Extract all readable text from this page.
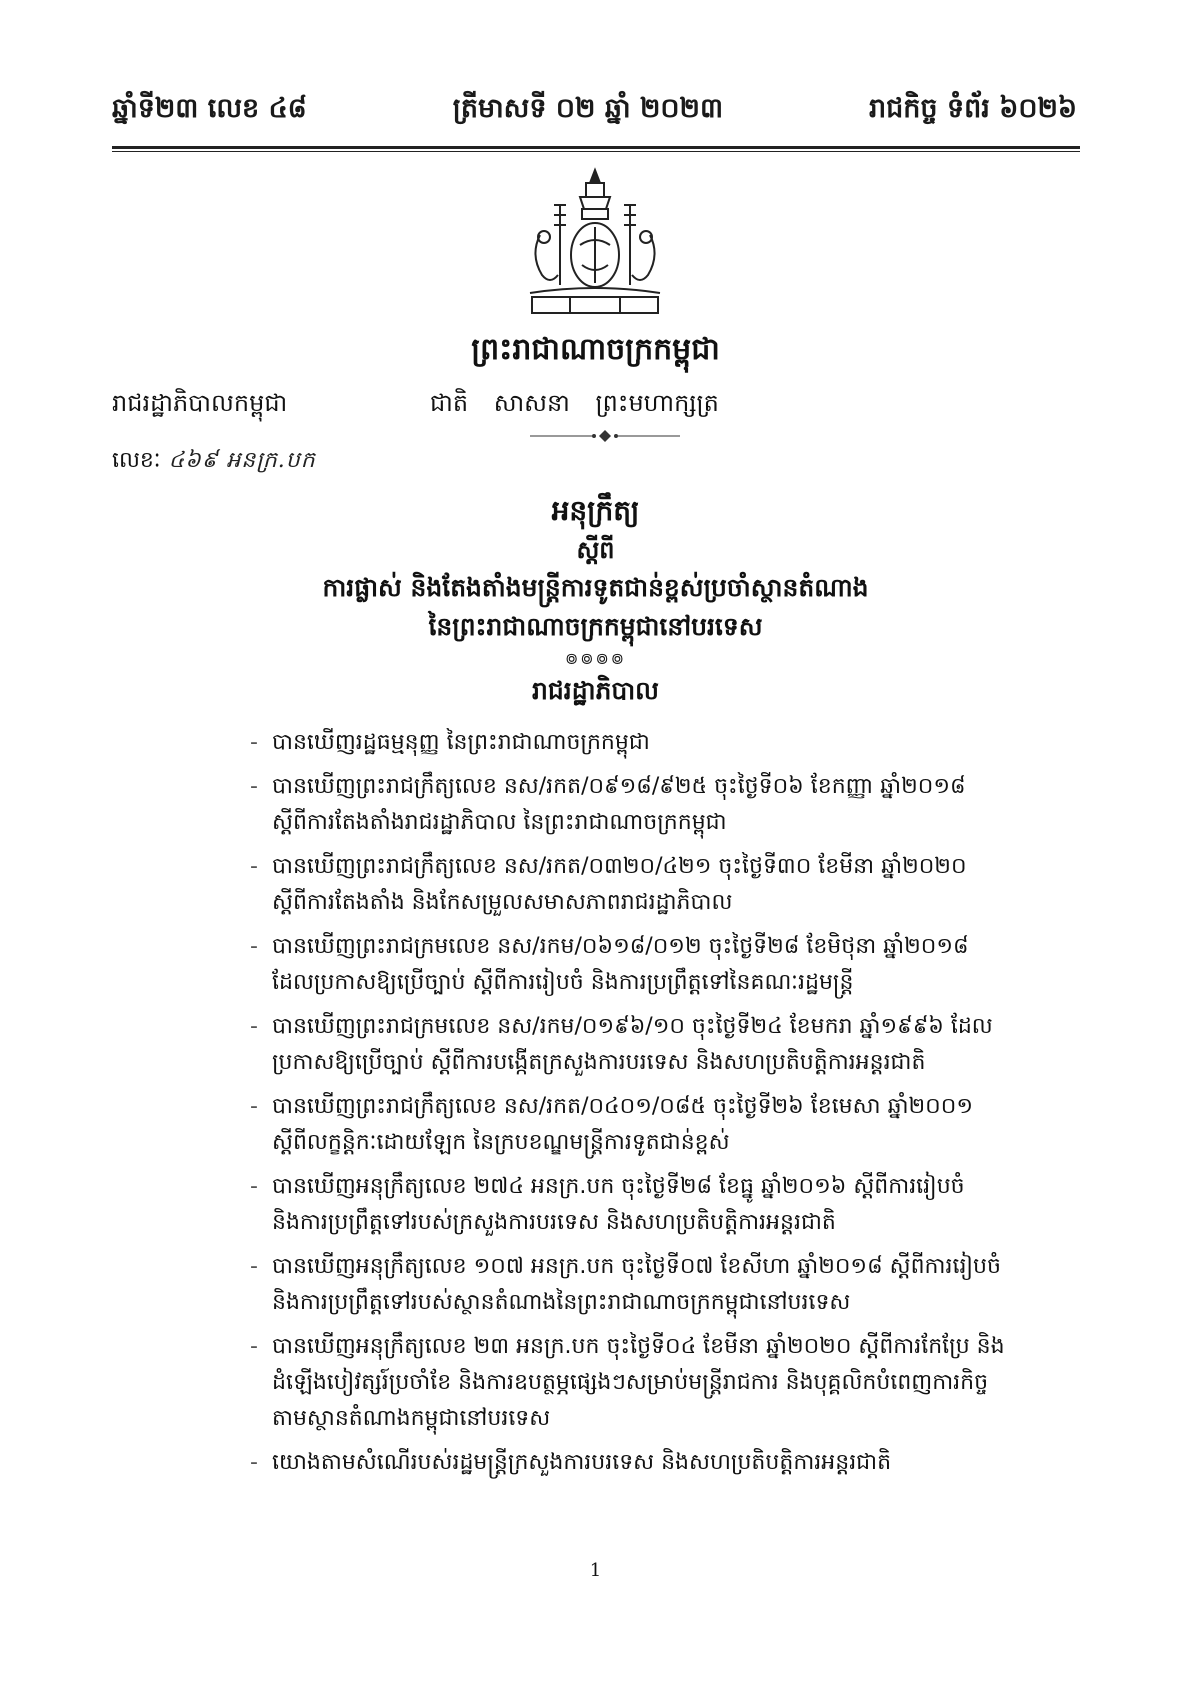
ឆ្នាំទី២៣ លេខ ៤៨	ត្រីមាសទី ០២ ឆ្នាំ ២០២៣	រាជកិច្ច ទំព័រ ៦០២៦
ព្រះរាជាណាចក្រកម្ពុជា
រាជរដ្ឋាភិបាលកម្ពុជា	ជាតិ សាសនា ព្រះមហាក្សត្រ
លេខៈ ៤៦៩ អនក្រ.បក
អនុក្រឹត្យ
ស្តីពី
ការផ្លាស់ និងតែងតាំងមន្ត្រីការទូតជាន់ខ្ពស់ប្រចាំស្ថានតំណាង
នៃព្រះរាជាណាចក្រកម្ពុជានៅបរទេស
៙៙៙៙
រាជរដ្ឋាភិបាល
- បានឃើញរដ្ឋធម្មនុញ្ញ នៃព្រះរាជាណាចក្រកម្ពុជា
- បានឃើញព្រះរាជក្រឹត្យលេខ នស/រកត/០៩១៨/៩២៥ ចុះថ្ងៃទី០៦ ខែកញ្ញា ឆ្នាំ២០១៨
ស្តីពីការតែងតាំងរាជរដ្ឋាភិបាល នៃព្រះរាជាណាចក្រកម្ពុជា
- បានឃើញព្រះរាជក្រឹត្យលេខ នស/រកត/០៣២០/៤២១ ចុះថ្ងៃទី៣០ ខែមីនា ឆ្នាំ២០២០
ស្តីពីការតែងតាំង និងកែសម្រួលសមាសភាពរាជរដ្ឋាភិបាល
- បានឃើញព្រះរាជក្រមលេខ នស/រកម/០៦១៨/០១២ ចុះថ្ងៃទី២៨ ខែមិថុនា ឆ្នាំ២០១៨
ដែលប្រកាសឱ្យប្រើច្បាប់ ស្តីពីការរៀបចំ និងការប្រព្រឹត្តទៅនៃគណៈរដ្ឋមន្ត្រី
- បានឃើញព្រះរាជក្រមលេខ នស/រកម/០១៩៦/១០ ចុះថ្ងៃទី២៤ ខែមករា ឆ្នាំ១៩៩៦ ដែល
ប្រកាសឱ្យប្រើច្បាប់ ស្តីពីការបង្កើតក្រសួងការបរទេស និងសហប្រតិបត្តិការអន្តរជាតិ
- បានឃើញព្រះរាជក្រឹត្យលេខ នស/រកត/០៤០១/០៨៥ ចុះថ្ងៃទី២៦ ខែមេសា ឆ្នាំ២០០១
ស្តីពីលក្ខន្តិកៈដោយឡែក នៃក្របខណ្ឌមន្ត្រីការទូតជាន់ខ្ពស់
- បានឃើញអនុក្រឹត្យលេខ ២៧៤ អនក្រ.បក ចុះថ្ងៃទី២៨ ខែធ្នូ ឆ្នាំ២០១៦ ស្តីពីការរៀបចំ
និងការប្រព្រឹត្តទៅរបស់ក្រសួងការបរទេស និងសហប្រតិបត្តិការអន្តរជាតិ
- បានឃើញអនុក្រឹត្យលេខ ១០៧ អនក្រ.បក ចុះថ្ងៃទី០៧ ខែសីហា ឆ្នាំ២០១៨ ស្តីពីការរៀបចំ
និងការប្រព្រឹត្តទៅរបស់ស្ថានតំណាងនៃព្រះរាជាណាចក្រកម្ពុជានៅបរទេស
- បានឃើញអនុក្រឹត្យលេខ ២៣ អនក្រ.បក ចុះថ្ងៃទី០៤ ខែមីនា ឆ្នាំ២០២០ ស្តីពីការកែប្រែ និង
ដំឡើងបៀវត្សរ៍ប្រចាំខែ និងការឧបត្ថម្ភផ្សេងៗសម្រាប់មន្ត្រីរាជការ និងបុគ្គលិកបំពេញការកិច្ច
តាមស្ថានតំណាងកម្ពុជានៅបរទេស
- យោងតាមសំណើរបស់រដ្ឋមន្ត្រីក្រសួងការបរទេស និងសហប្រតិបត្តិការអន្តរជាតិ
1
